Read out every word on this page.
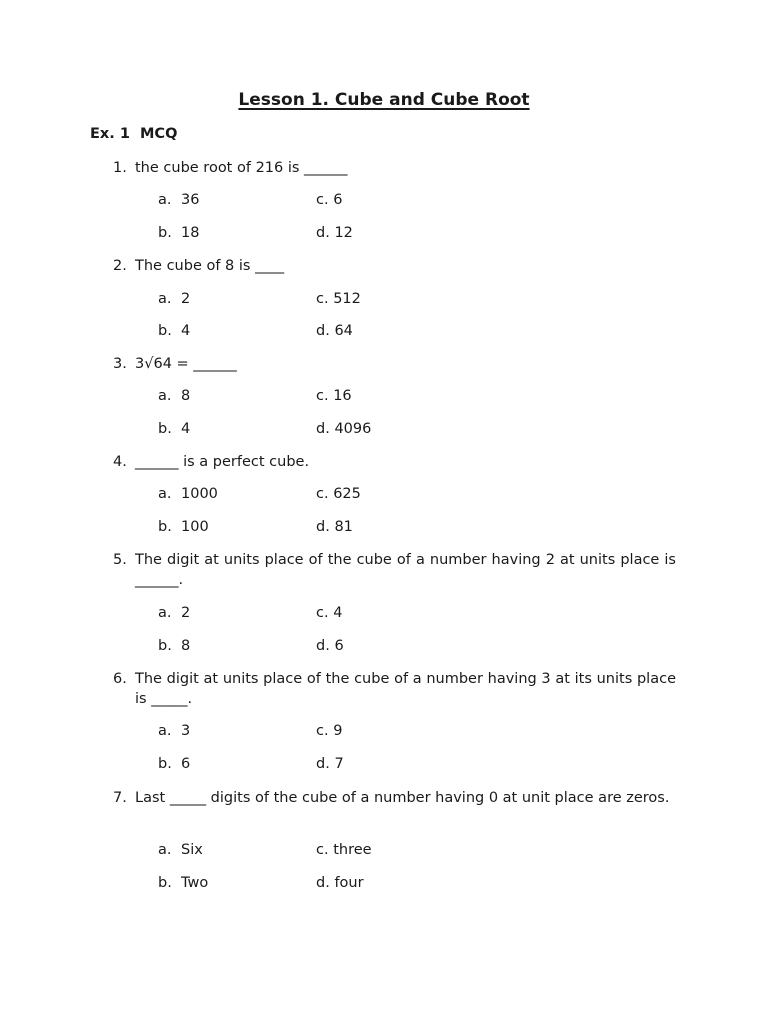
Lesson 1. Cube and Cube Root
Ex. 1  MCQ
1. the cube root of 216 is ______
a. 36	c. 6
b. 18	d. 12
2. The cube of 8 is ____
a. 2	c. 512
b. 4	d. 64
3. 3√64 = ______
a. 8	c. 16
b. 4	d. 4096
4. ______ is a perfect cube.
a. 1000	c. 625
b. 100	d. 81
5. The digit at units place of the cube of a number having 2 at units place is ______.
a. 2	c. 4
b. 8	d. 6
6. The digit at units place of the cube of a number having 3 at its units place is _____.
a. 3	c. 9
b. 6	d. 7
7. Last _____ digits of the cube of a number having 0 at unit place are zeros.
a. Six	c. three
b. Two	d. four
